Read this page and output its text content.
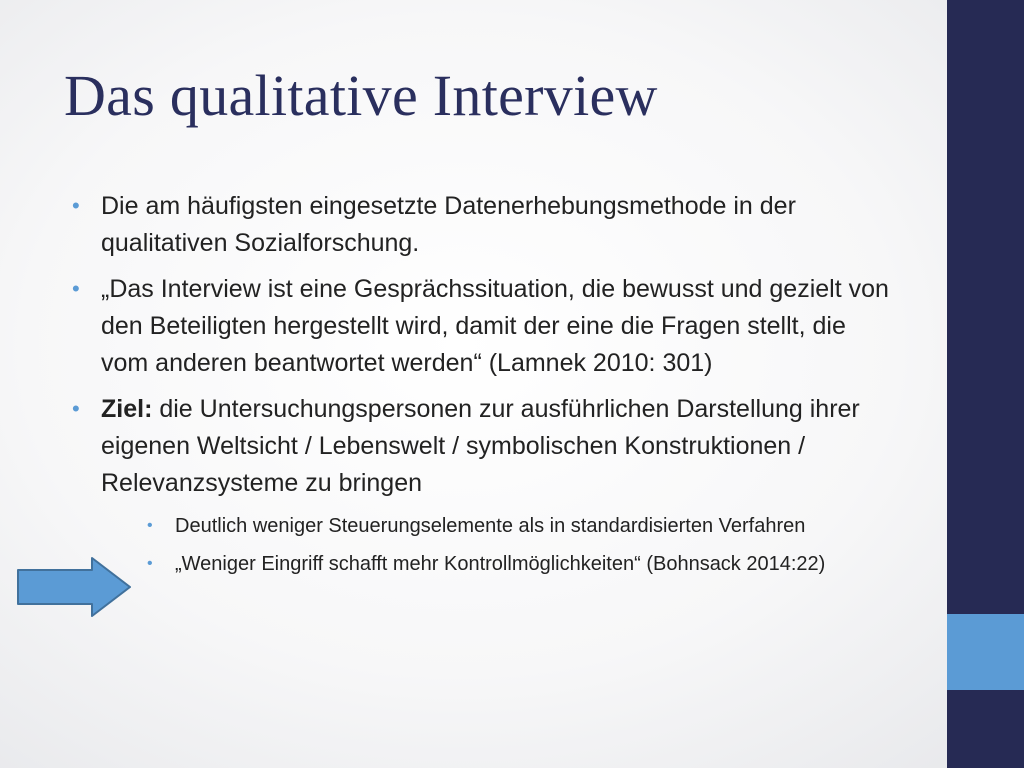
Das qualitative Interview
• Die am häufigsten eingesetzte Datenerhebungsmethode in der qualitativen Sozialforschung.
• „Das Interview ist eine Gesprächssituation, die bewusst und gezielt von den Beteiligten hergestellt wird, damit der eine die Fragen stellt, die vom anderen beantwortet werden“ (Lamnek 2010: 301)
• Ziel: die Untersuchungspersonen zur ausführlichen Darstellung ihrer eigenen Weltsicht / Lebenswelt / symbolischen Konstruktionen / Relevanzsysteme zu bringen
• Deutlich weniger Steuerungselemente als in standardisierten Verfahren
• „Weniger Eingriff schafft mehr Kontrollmöglichkeiten“ (Bohnsack 2014:22)
